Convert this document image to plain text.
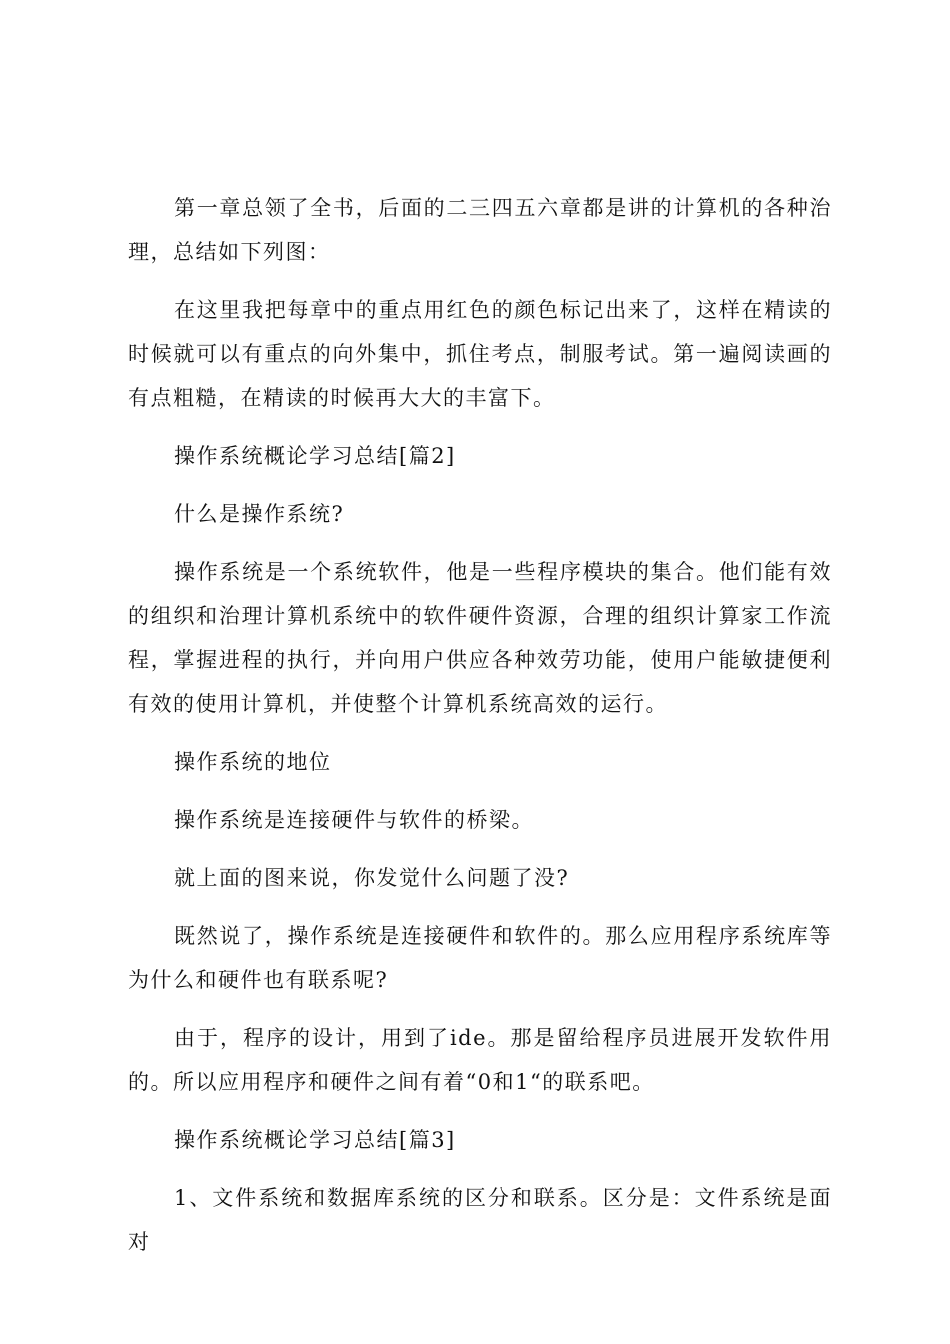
第一章总领了全书，后面的二三四五六章都是讲的计算机的各种治理，总结如下列图：

在这里我把每章中的重点用红色的颜色标记出来了，这样在精读的时候就可以有重点的向外集中，抓住考点，制服考试。第一遍阅读画的有点粗糙，在精读的时候再大大的丰富下。

操作系统概论学习总结[篇2]

什么是操作系统?

操作系统是一个系统软件，他是一些程序模块的集合。他们能有效的组织和治理计算机系统中的软件硬件资源，合理的组织计算家工作流程，掌握进程的执行，并向用户供应各种效劳功能，使用户能敏捷便利有效的使用计算机，并使整个计算机系统高效的运行。

操作系统的地位

操作系统是连接硬件与软件的桥梁。

就上面的图来说，你发觉什么问题了没?

既然说了，操作系统是连接硬件和软件的。那么应用程序系统库等为什么和硬件也有联系呢?

由于，程序的设计，用到了ide。那是留给程序员进展开发软件用的。所以应用程序和硬件之间有着“0和1“的联系吧。

操作系统概论学习总结[篇3]

1、文件系统和数据库系统的区分和联系。区分是：文件系统是面对
